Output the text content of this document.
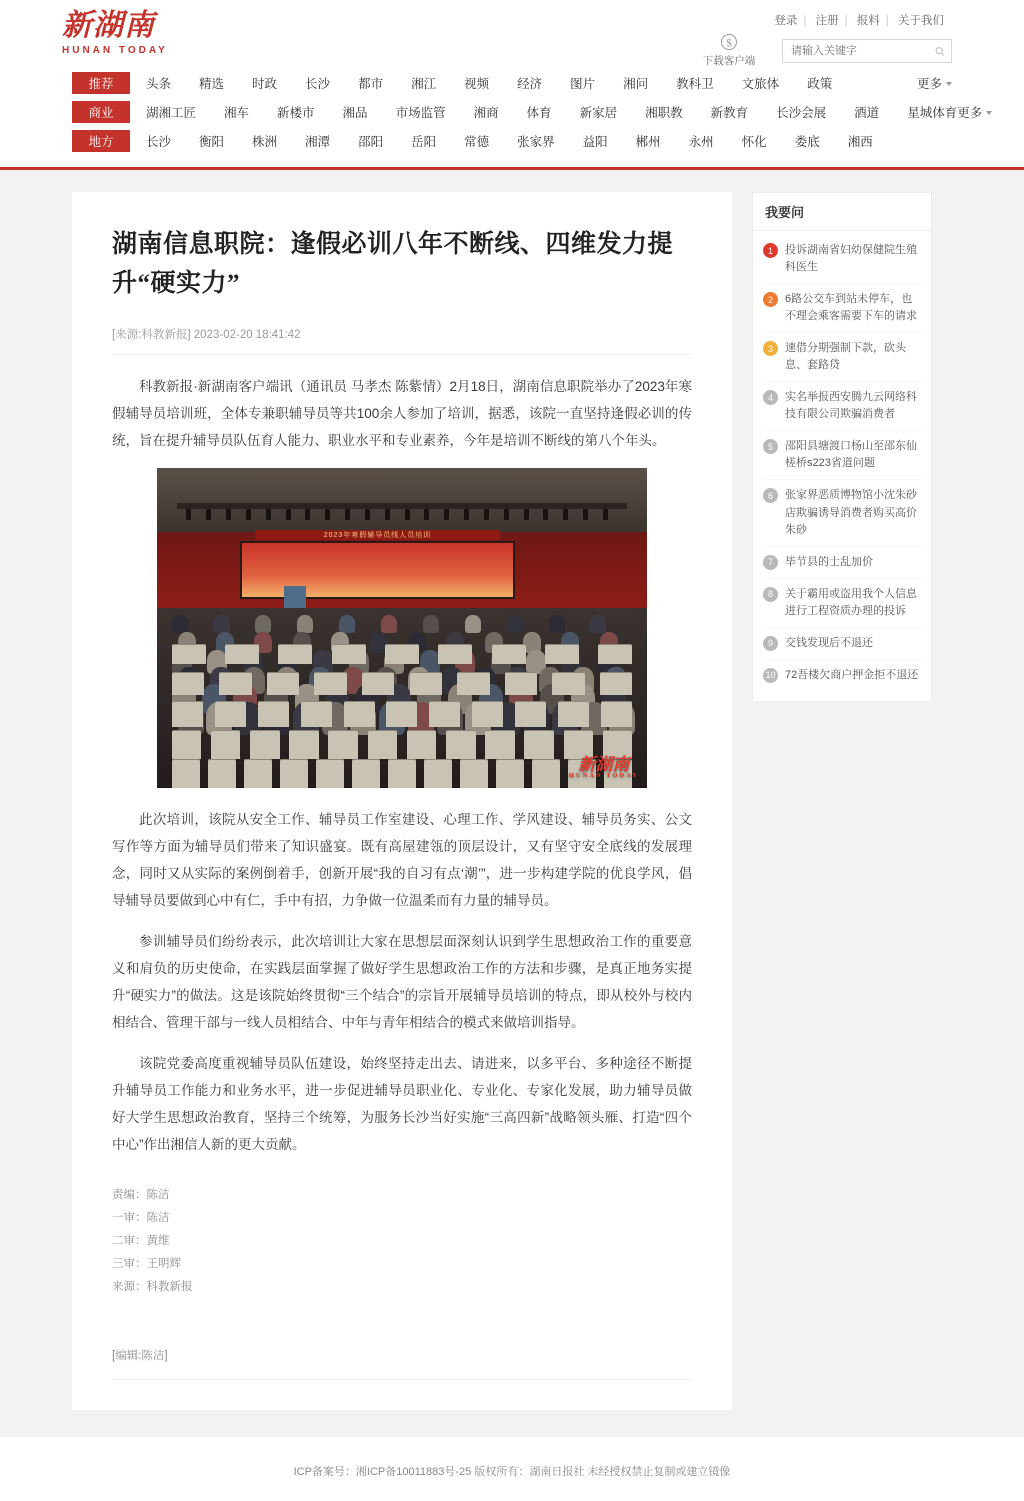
新湖南
HUNAN TODAY
登录 | 注册 | 报料 | 关于我们
＄
下载客户端
请输入关键字
推荐	头条 精选 时政 长沙 都市 湘江 视频 经济 图片 湘问 教科卫 文旅体 政策	更多
商业	湖湘工匠 湘车 新楼市 湘品 市场监管 湘商 体育 新家居 湘职教 新教育 长沙会展 酒道 星城体育 更多
地方	长沙 衡阳 株洲 湘潭 邵阳 岳阳 常德 张家界 益阳 郴州 永州 怀化 娄底 湘西
湖南信息职院：逢假必训八年不断线、四维发力提升“硬实力”
[来源:科教新报] 2023-02-20 18:41:42

科教新报·新湖南客户端讯（通讯员 马孝杰 陈紫情）2月18日，湖南信息职院举办了2023年寒假辅导员培训班，全体专兼职辅导员等共100余人参加了培训，据悉，该院一直坚持逢假必训的传统，旨在提升辅导员队伍育人能力、职业水平和专业素养，今年是培训不断线的第八个年头。

2023年寒假辅导员线人员培训
新湖南
HUNAN TODAY

此次培训，该院从安全工作、辅导员工作室建设、心理工作、学风建设、辅导员务实、公文写作等方面为辅导员们带来了知识盛宴。既有高屋建瓴的顶层设计，又有坚守安全底线的发展理念，同时又从实际的案例倒着手，创新开展“我的自习有点‘潮’”，进一步构建学院的优良学风，倡导辅导员要做到心中有仁，手中有招，力争做一位温柔而有力量的辅导员。

参训辅导员们纷纷表示，此次培训让大家在思想层面深刻认识到学生思想政治工作的重要意义和肩负的历史使命，在实践层面掌握了做好学生思想政治工作的方法和步骤，是真正地务实提升“硬实力”的做法。这是该院始终贯彻“三个结合”的宗旨开展辅导员培训的特点，即从校外与校内相结合、管理干部与一线人员相结合、中年与青年相结合的模式来做培训指导。

该院党委高度重视辅导员队伍建设，始终坚持走出去、请进来，以多平台、多种途径不断提升辅导员工作能力和业务水平，进一步促进辅导员职业化、专业化、专家化发展，助力辅导员做好大学生思想政治教育，坚持三个统筹，为服务长沙当好实施“三高四新”战略领头雁、打造“四个中心”作出湘信人新的更大贡献。

责编：陈洁
一审：陈洁
二审：黄维
三审：王明辉
来源：科教新报
[编辑:陈洁]
我要问
1	投诉湖南省妇幼保健院生殖科医生
2	6路公交车到站未停车，也不理会乘客需要下车的请求
3	速借分期强制下款，砍头息、套路贷
4	实名举报西安腾九云网络科技有限公司欺骗消费者
5	邵阳县塘渡口杨山至邵东仙槎桥s223省道问题
6	张家界恶质博物馆小沈朱砂店欺骗诱导消费者购买高价朱砂
7	毕节县的士乱加价
8	关于霸用或盗用我个人信息进行工程资质办理的投诉
9	交钱发现后不退还
10 72吾楼欠商户押金拒不退还
ICP备案号：湘ICP备10011883号-25 版权所有：湖南日报社 未经授权禁止复制或建立镜像
